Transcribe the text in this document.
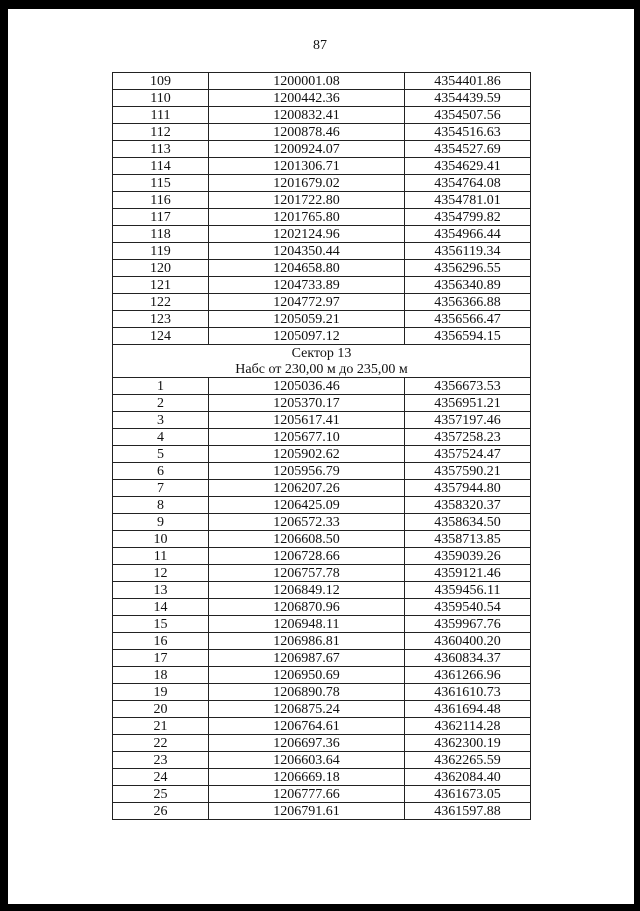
87
109	1200001.08	4354401.86
110	1200442.36	4354439.59
111	1200832.41	4354507.56
112	1200878.46	4354516.63
113	1200924.07	4354527.69
114	1201306.71	4354629.41
115	1201679.02	4354764.08
116	1201722.80	4354781.01
117	1201765.80	4354799.82
118	1202124.96	4354966.44
119	1204350.44	4356119.34
120	1204658.80	4356296.55
121	1204733.89	4356340.89
122	1204772.97	4356366.88
123	1205059.21	4356566.47
124	1205097.12	4356594.15
Сектор 13		
Набс от 230,00 м до 235,00 м		
1	1205036.46	4356673.53
2	1205370.17	4356951.21
3	1205617.41	4357197.46
4	1205677.10	4357258.23
5	1205902.62	4357524.47
6	1205956.79	4357590.21
7	1206207.26	4357944.80
8	1206425.09	4358320.37
9	1206572.33	4358634.50
10	1206608.50	4358713.85
11	1206728.66	4359039.26
12	1206757.78	4359121.46
13	1206849.12	4359456.11
14	1206870.96	4359540.54
15	1206948.11	4359967.76
16	1206986.81	4360400.20
17	1206987.67	4360834.37
18	1206950.69	4361266.96
19	1206890.78	4361610.73
20	1206875.24	4361694.48
21	1206764.61	4362114.28
22	1206697.36	4362300.19
23	1206603.64	4362265.59
24	1206669.18	4362084.40
25	1206777.66	4361673.05
26	1206791.61	4361597.88
